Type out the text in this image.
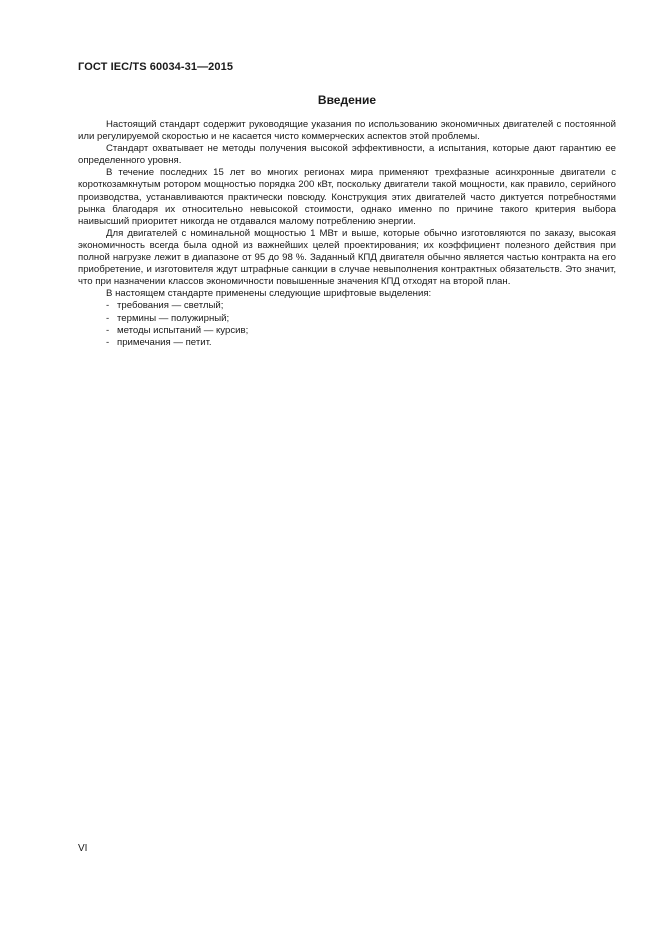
ГОСТ IEC/TS 60034-31—2015
Введение

Настоящий стандарт содержит руководящие указания по использованию экономичных двигателей с постоянной или регулируемой скоростью и не касается чисто коммерческих аспектов этой проблемы.

Стандарт охватывает не методы получения высокой эффективности, а испытания, которые дают гарантию ее определенного уровня.

В течение последних 15 лет во многих регионах мира применяют трехфазные асинхронные двигатели с короткозамкнутым ротором мощностью порядка 200 кВт, поскольку двигатели такой мощности, как правило, серийного производства, устанавливаются практически повсюду. Конструкция этих двигателей часто диктуется потребностями рынка благодаря их относительно невысокой стоимости, однако именно по причине такого критерия выбора наивысший приоритет никогда не отдавался малому потреблению энергии.

Для двигателей с номинальной мощностью 1 МВт и выше, которые обычно изготовляются по заказу, высокая экономичность всегда была одной из важнейших целей проектирования; их коэффициент полезного действия при полной нагрузке лежит в диапазоне от 95 до 98 %. Заданный КПД двигателя обычно является частью контракта на его приобретение, и изготовителя ждут штрафные санкции в случае невыполнения контрактных обязательств. Это значит, что при назначении классов экономичности повышенные значения КПД отходят на второй план.

В настоящем стандарте применены следующие шрифтовые выделения:

- требования — светлый;
- термины — полужирный;
- методы испытаний — курсив;
- примечания — петит.
VI
